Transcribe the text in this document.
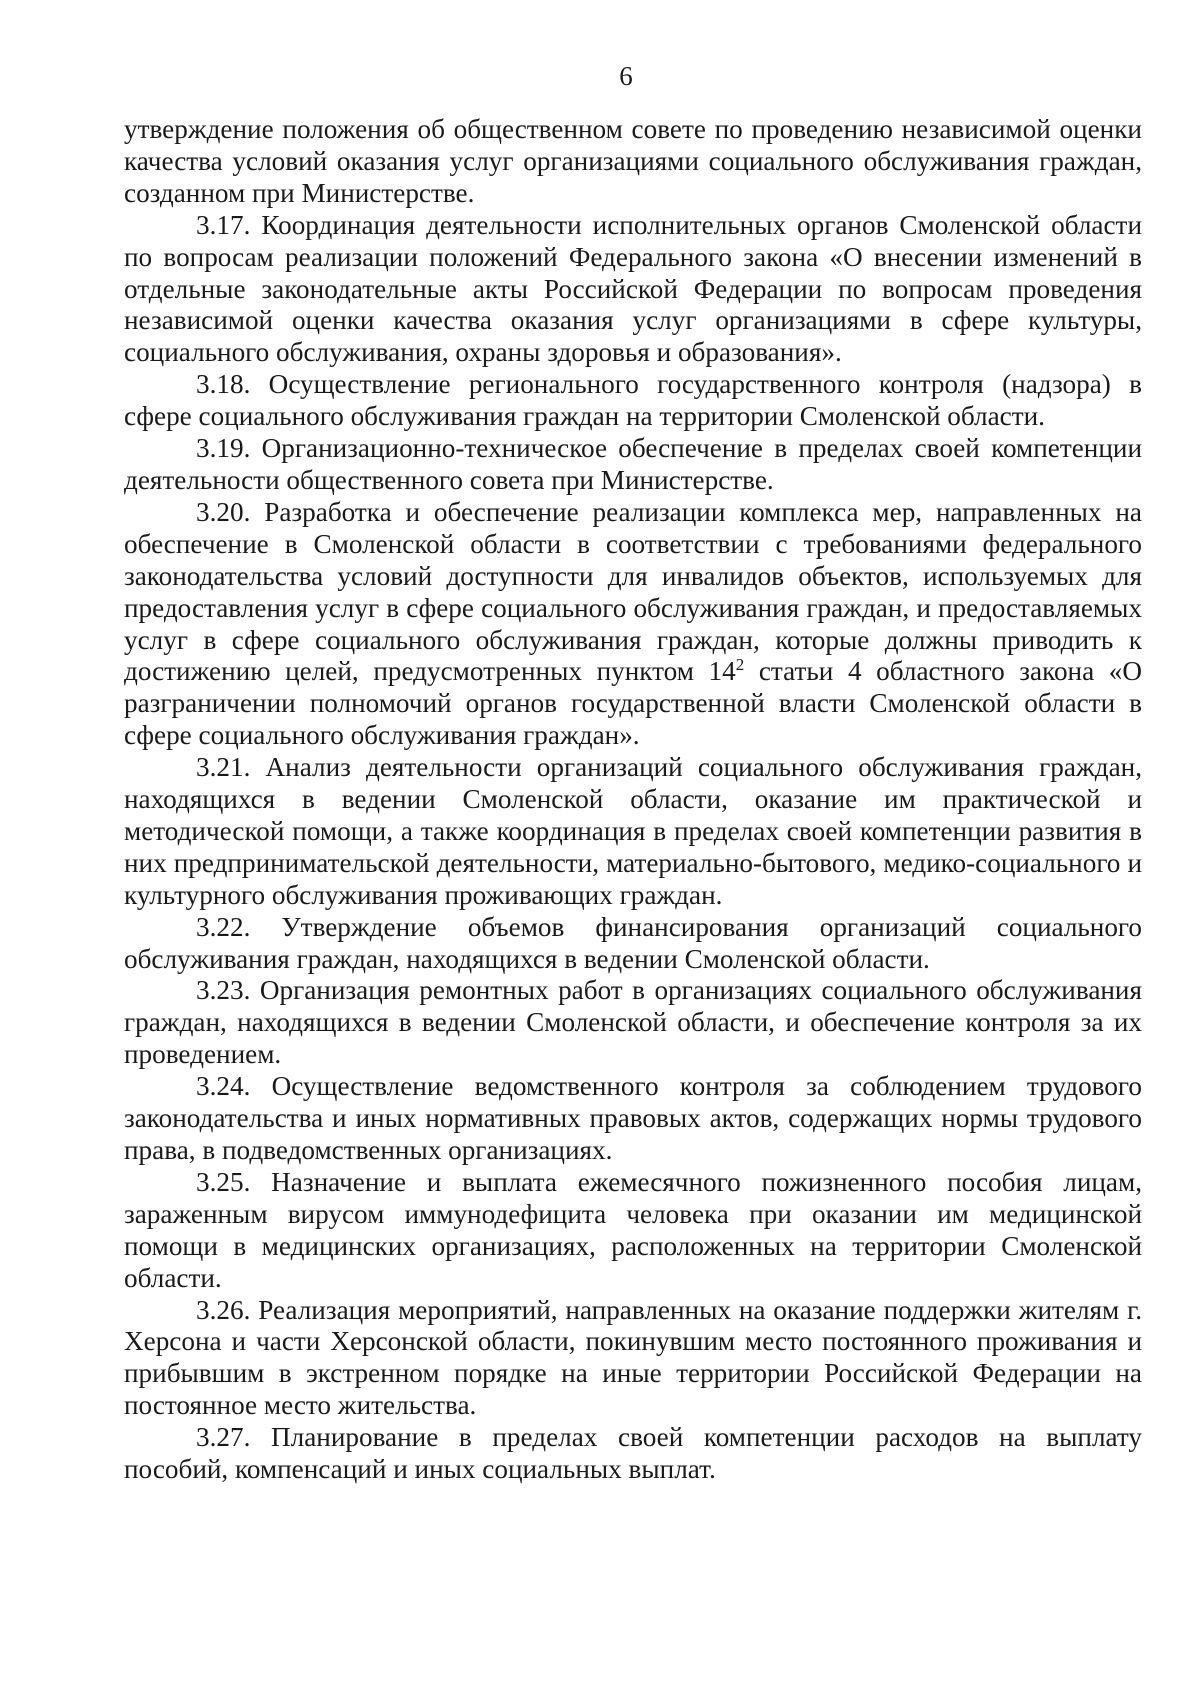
6

утверждение положения об общественном совете по проведению независимой оценки качества условий оказания услуг организациями социального обслуживания граждан, созданном при Министерстве.

3.17. Координация деятельности исполнительных органов Смоленской области по вопросам реализации положений Федерального закона «О внесении изменений в отдельные законодательные акты Российской Федерации по вопросам проведения независимой оценки качества оказания услуг организациями в сфере культуры, социального обслуживания, охраны здоровья и образования».

3.18. Осуществление регионального государственного контроля (надзора) в сфере социального обслуживания граждан на территории Смоленской области.

3.19. Организационно-техническое обеспечение в пределах своей компетенции деятельности общественного совета при Министерстве.

3.20. Разработка и обеспечение реализации комплекса мер, направленных на обеспечение в Смоленской области в соответствии с требованиями федерального законодательства условий доступности для инвалидов объектов, используемых для предоставления услуг в сфере социального обслуживания граждан, и предоставляемых услуг в сфере социального обслуживания граждан, которые должны приводить к достижению целей, предусмотренных пунктом $14^2$ статьи 4 областного закона «О разграничении полномочий органов государственной власти Смоленской области в сфере социального обслуживания граждан».

3.21. Анализ деятельности организаций социального обслуживания граждан, находящихся в ведении Смоленской области, оказание им практической и методической помощи, а также координация в пределах своей компетенции развития в них предпринимательской деятельности, материально-бытового, медико-социального и культурного обслуживания проживающих граждан.

3.22. Утверждение объемов финансирования организаций социального обслуживания граждан, находящихся в ведении Смоленской области.

3.23. Организация ремонтных работ в организациях социального обслуживания граждан, находящихся в ведении Смоленской области, и обеспечение контроля за их проведением.

3.24. Осуществление ведомственного контроля за соблюдением трудового законодательства и иных нормативных правовых актов, содержащих нормы трудового права, в подведомственных организациях.

3.25. Назначение и выплата ежемесячного пожизненного пособия лицам, зараженным вирусом иммунодефицита человека при оказании им медицинской помощи в медицинских организациях, расположенных на территории Смоленской области.

3.26. Реализация мероприятий, направленных на оказание поддержки жителям г. Херсона и части Херсонской области, покинувшим место постоянного проживания и прибывшим в экстренном порядке на иные территории Российской Федерации на постоянное место жительства.

3.27. Планирование в пределах своей компетенции расходов на выплату пособий, компенсаций и иных социальных выплат.
